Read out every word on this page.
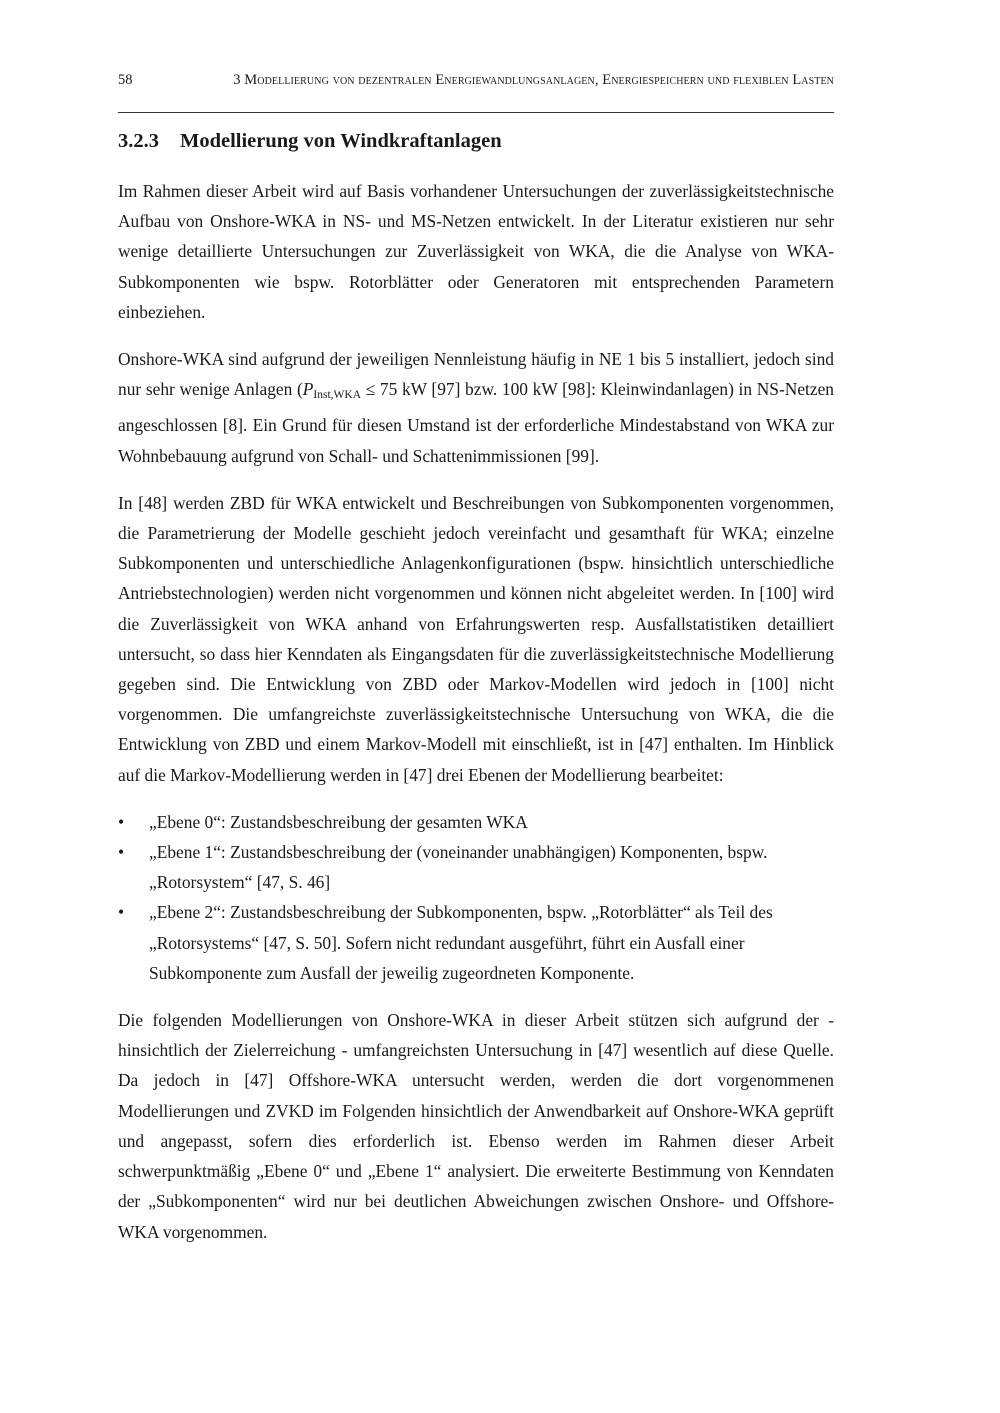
58	3 Modellierung von dezentralen Energiewandlungsanlagen, Energiespeichern und flexiblen Lasten
3.2.3 Modellierung von Windkraftanlagen

Im Rahmen dieser Arbeit wird auf Basis vorhandener Untersuchungen der zuverlässigkeitstechnische Aufbau von Onshore-WKA in NS- und MS-Netzen entwickelt. In der Literatur existieren nur sehr wenige detaillierte Untersuchungen zur Zuverlässigkeit von WKA, die die Analyse von WKA-Subkomponenten wie bspw. Rotorblätter oder Generatoren mit entsprechenden Parametern einbeziehen.

Onshore-WKA sind aufgrund der jeweiligen Nennleistung häufig in NE 1 bis 5 installiert, jedoch sind nur sehr wenige Anlagen (PInst,WKA ≤ 75 kW [97] bzw. 100 kW [98]: Kleinwindanlagen) in NS-Netzen angeschlossen [8]. Ein Grund für diesen Umstand ist der erforderliche Mindestabstand von WKA zur Wohnbebauung aufgrund von Schall- und Schattenimmissionen [99].

In [48] werden ZBD für WKA entwickelt und Beschreibungen von Subkomponenten vorgenommen, die Parametrierung der Modelle geschieht jedoch vereinfacht und gesamthaft für WKA; einzelne Subkomponenten und unterschiedliche Anlagenkonfigurationen (bspw. hinsichtlich unterschiedliche Antriebstechnologien) werden nicht vorgenommen und können nicht abgeleitet werden. In [100] wird die Zuverlässigkeit von WKA anhand von Erfahrungswerten resp. Ausfallstatistiken detailliert untersucht, so dass hier Kenndaten als Eingangsdaten für die zuverlässigkeitstechnische Modellierung gegeben sind. Die Entwicklung von ZBD oder Markov-Modellen wird jedoch in [100] nicht vorgenommen. Die umfangreichste zuverlässigkeitstechnische Untersuchung von WKA, die die Entwicklung von ZBD und einem Markov-Modell mit einschließt, ist in [47] enthalten. Im Hinblick auf die Markov-Modellierung werden in [47] drei Ebenen der Modellierung bearbeitet:

• „Ebene 0“: Zustandsbeschreibung der gesamten WKA
• „Ebene 1“: Zustandsbeschreibung der (voneinander unabhängigen) Komponenten, bspw. „Rotorsystem“ [47, S. 46]
• „Ebene 2“: Zustandsbeschreibung der Subkomponenten, bspw. „Rotorblätter“ als Teil des „Rotorsystems“ [47, S. 50]. Sofern nicht redundant ausgeführt, führt ein Ausfall einer Subkomponente zum Ausfall der jeweilig zugeordneten Komponente.

Die folgenden Modellierungen von Onshore-WKA in dieser Arbeit stützen sich aufgrund der - hinsichtlich der Zielerreichung - umfangreichsten Untersuchung in [47] wesentlich auf diese Quelle. Da jedoch in [47] Offshore-WKA untersucht werden, werden die dort vorgenommenen Modellierungen und ZVKD im Folgenden hinsichtlich der Anwendbarkeit auf Onshore-WKA geprüft und angepasst, sofern dies erforderlich ist. Ebenso werden im Rahmen dieser Arbeit schwerpunktmäßig „Ebene 0“ und „Ebene 1“ analysiert. Die erweiterte Bestimmung von Kenndaten der „Subkomponenten“ wird nur bei deutlichen Abweichungen zwischen Onshore- und Offshore-WKA vorgenommen.
